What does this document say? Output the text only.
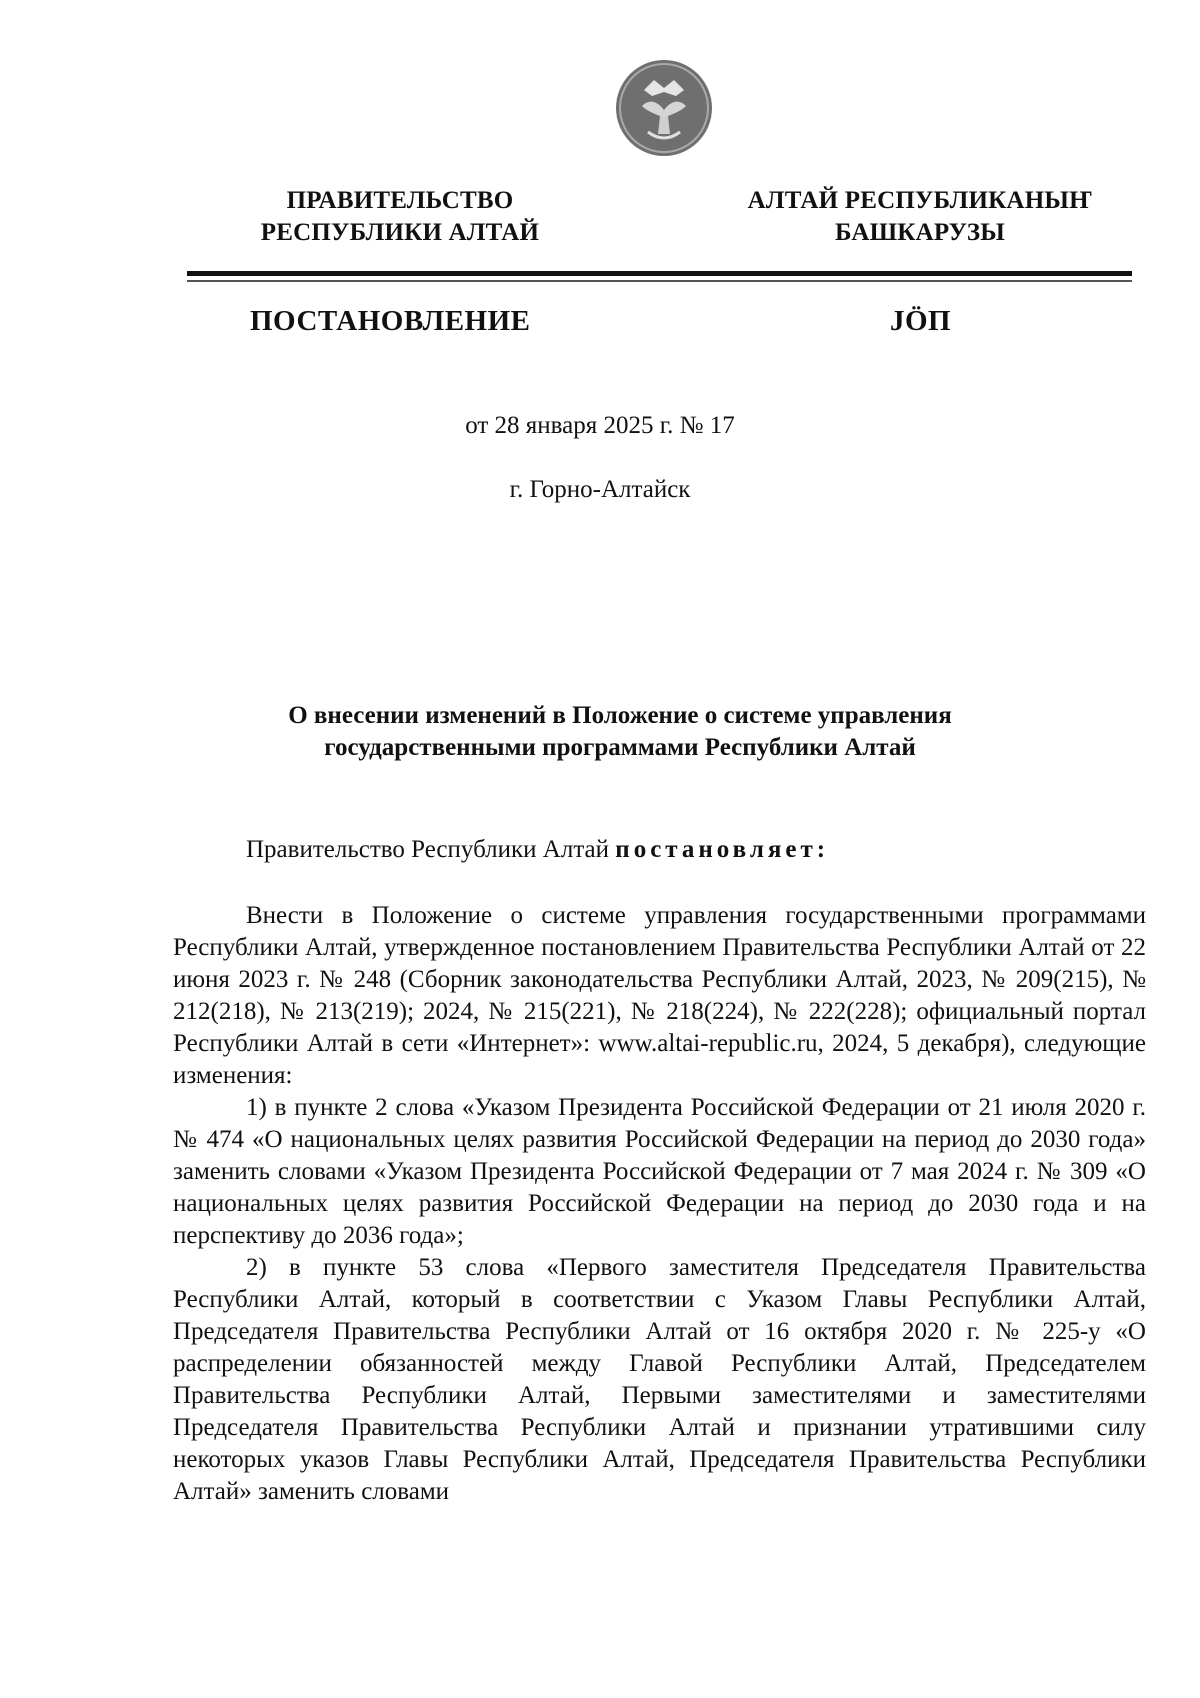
ПРАВИТЕЛЬСТВО
РЕСПУБЛИКИ АЛТАЙ
АЛТАЙ РЕСПУБЛИКАНЫҤ
БАШКАРУЗЫ
ПОСТАНОВЛЕНИЕ	JӦП
от 28 января 2025 г. № 17
г. Горно-Алтайск
О внесении изменений в Положение о системе управления
государственными программами Республики Алтай
Правительство Республики Алтай постановляет:

Внести в Положение о системе управления государственными программами Республики Алтай, утвержденное постановлением Правительства Республики Алтай от 22 июня 2023 г. № 248 (Сборник законодательства Республики Алтай, 2023, № 209(215), № 212(218), № 213(219); 2024, № 215(221), № 218(224), № 222(228); официальный портал Республики Алтай в сети «Интернет»: www.altai-republic.ru, 2024, 5 декабря), следующие изменения:

1) в пункте 2 слова «Указом Президента Российской Федерации от 21 июля 2020 г. № 474 «О национальных целях развития Российской Федерации на период до 2030 года» заменить словами «Указом Президента Российской Федерации от 7 мая 2024 г. № 309 «О национальных целях развития Российской Федерации на период до 2030 года и на перспективу до 2036 года»;

2) в пункте 53 слова «Первого заместителя Председателя Правительства Республики Алтай, который в соответствии с Указом Главы Республики Алтай, Председателя Правительства Республики Алтай от 16 октября 2020 г. № 225-у «О распределении обязанностей между Главой Республики Алтай, Председателем Правительства Республики Алтай, Первыми заместителями и заместителями Председателя Правительства Республики Алтай и признании утратившими силу некоторых указов Главы Республики Алтай, Председателя Правительства Республики Алтай» заменить словами
